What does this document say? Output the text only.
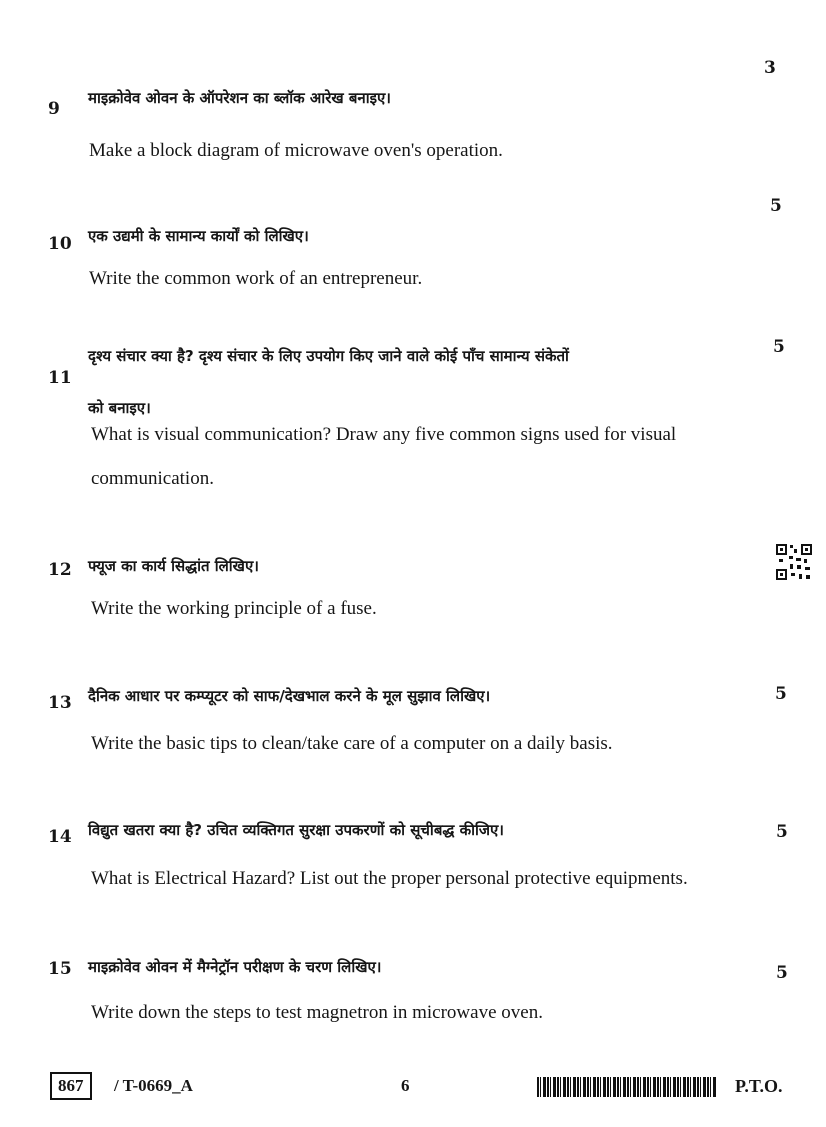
3
9
माइक्रोवेव ओवन के ऑपरेशन का ब्लॉक आरेख बनाइए।
Make a block diagram of microwave oven's operation.
5
10 एक उद्यमी के सामान्य कार्यों को लिखिए।
Write the common work of an entrepreneur.
5
11
दृश्य संचार क्या है? दृश्य संचार के लिए उपयोग किए जाने वाले कोई पाँच सामान्य संकेतों
को बनाइए।
What is visual communication? Draw any five common signs used for visual
communication.
12 फ्यूज का कार्य सिद्धांत लिखिए।
Write the working principle of a fuse.
13 दैनिक आधार पर कम्प्यूटर को साफ/देखभाल करने के मूल सुझाव लिखिए।	5
Write the basic tips to clean/take care of a computer on a daily basis.
14 विद्युत खतरा क्या है? उचित व्यक्तिगत सुरक्षा उपकरणों को सूचीबद्ध कीजिए।	5
What is Electrical Hazard? List out the proper personal protective equipments.
15 माइक्रोवेव ओवन में मैग्नेट्रॉन परीक्षण के चरण लिखिए।	5
Write down the steps to test magnetron in microwave oven.
867	/ T-0669_A	6	P.T.O.
